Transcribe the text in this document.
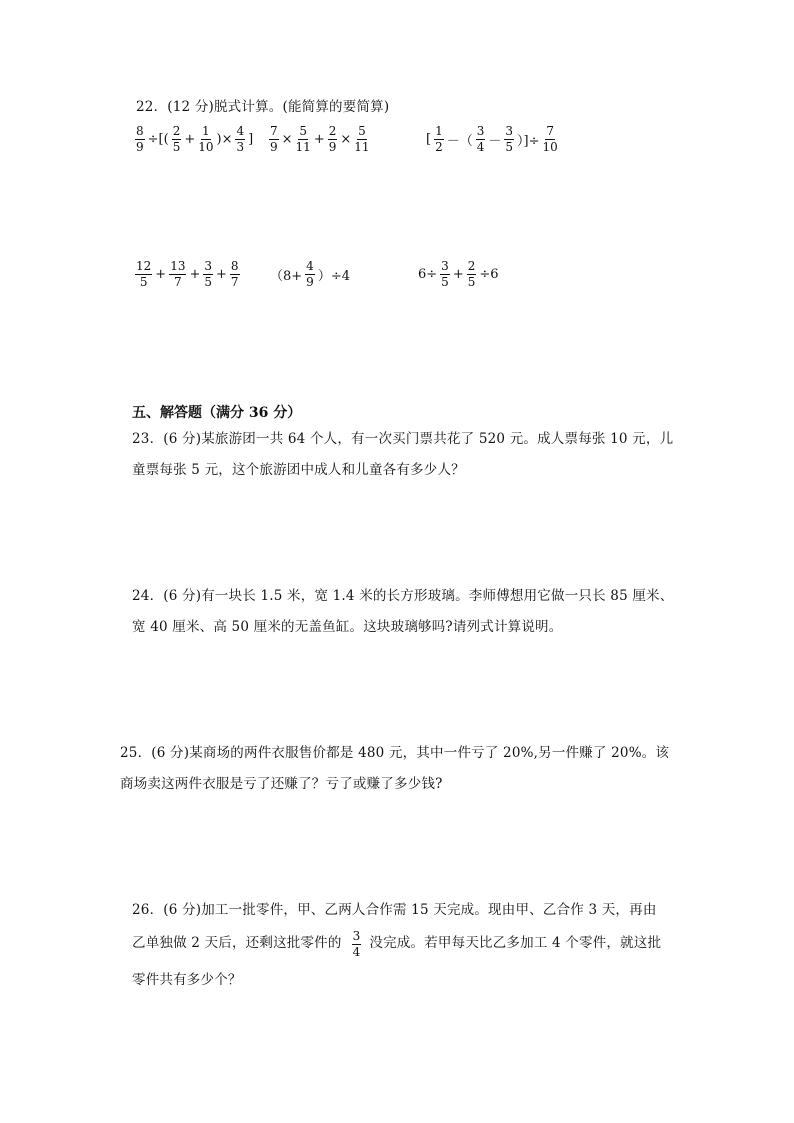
22．(12 分)脱式计算。(能简算的要简算)
$\frac{8}{9}$ ÷[( $\frac{2}{5} + \frac{1}{10}$ )× $\frac{4}{3}$ ] $\frac{7}{9} \times \frac{5}{11} + \frac{2}{9} \times \frac{5}{11}$	[ $\frac{1}{2}$ －（ $\frac{3}{4} - \frac{3}{5}$ ）]÷ $\frac{7}{10}$
$\frac{12}{5} + \frac{13}{7} + \frac{3}{5} + \frac{8}{7} (8+ \frac{4}{9} )\div 4$	$6\div \frac{3}{5} + \frac{2}{5} \div 6$
五、解答题（满分 36 分）
23．(6 分)某旅游团一共 64 个人，有一次买门票共花了 520 元。成人票每张 10 元，儿
童票每张 5 元，这个旅游团中成人和儿童各有多少人？
24．(6 分)有一块长 1.5 米，宽 1.4 米的长方形玻璃。李师傅想用它做一只长 85 厘米、
宽 40 厘米、高 50 厘米的无盖鱼缸。这块玻璃够吗?请列式计算说明。
25．(6 分)某商场的两件衣服售价都是 480 元，其中一件亏了 20%,另一件赚了 20%。该
商场卖这两件衣服是亏了还赚了？亏了或赚了多少钱?
26．(6 分)加工一批零件，甲、乙两人合作需 15 天完成。现由甲、乙合作 3 天，再由
乙单独做 2 天后，还剩这批零件的 $\frac{3}{4}$ 没完成。若甲每天比乙多加工 4 个零件，就这批
零件共有多少个？
